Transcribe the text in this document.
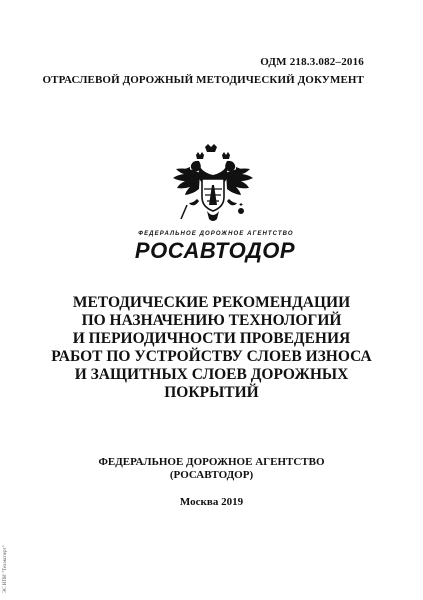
ОДМ 218.3.082–2016
ОТРАСЛЕВОЙ ДОРОЖНЫЙ МЕТОДИЧЕСКИЙ ДОКУМЕНТ
ФЕДЕРАЛЬНОЕ ДОРОЖНОЕ АГЕНТСТВО
РОСАВТОДОР
МЕТОДИЧЕСКИЕ РЕКОМЕНДАЦИИ
ПО НАЗНАЧЕНИЮ ТЕХНОЛОГИЙ
И ПЕРИОДИЧНОСТИ ПРОВЕДЕНИЯ
РАБОТ ПО УСТРОЙСТВУ СЛОЕВ ИЗНОСА
И ЗАЩИТНЫХ СЛОЕВ ДОРОЖНЫХ
ПОКРЫТИЙ
ФЕДЕРАЛЬНОЕ ДОРОЖНОЕ АГЕНТСТВО
(РОСАВТОДОР)
Москва 2019
ЭС ИПИ "Техэксперт"
